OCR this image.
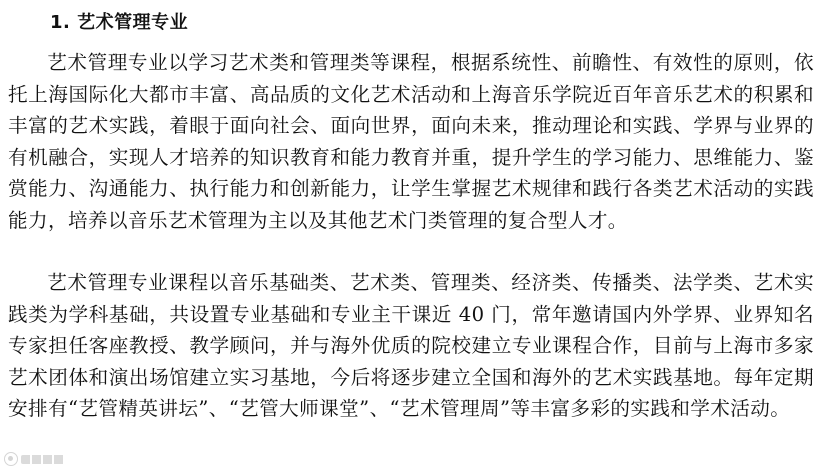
1. 艺术管理专业

艺术管理专业以学习艺术类和管理类等课程，根据系统性、前瞻性、有效性的原则，依托上海国际化大都市丰富、高品质的文化艺术活动和上海音乐学院近百年音乐艺术的积累和丰富的艺术实践，着眼于面向社会、面向世界，面向未来，推动理论和实践、学界与业界的有机融合，实现人才培养的知识教育和能力教育并重，提升学生的学习能力、思维能力、鉴赏能力、沟通能力、执行能力和创新能力，让学生掌握艺术规律和践行各类艺术活动的实践能力，培养以音乐艺术管理为主以及其他艺术门类管理的复合型人才。

艺术管理专业课程以音乐基础类、艺术类、管理类、经济类、传播类、法学类、艺术实践类为学科基础，共设置专业基础和专业主干课近 40 门，常年邀请国内外学界、业界知名专家担任客座教授、教学顾问，并与海外优质的院校建立专业课程合作，目前与上海市多家艺术团体和演出场馆建立实习基地，今后将逐步建立全国和海外的艺术实践基地。每年定期安排有“艺管精英讲坛”、“艺管大师课堂”、“艺术管理周”等丰富多彩的实践和学术活动。
